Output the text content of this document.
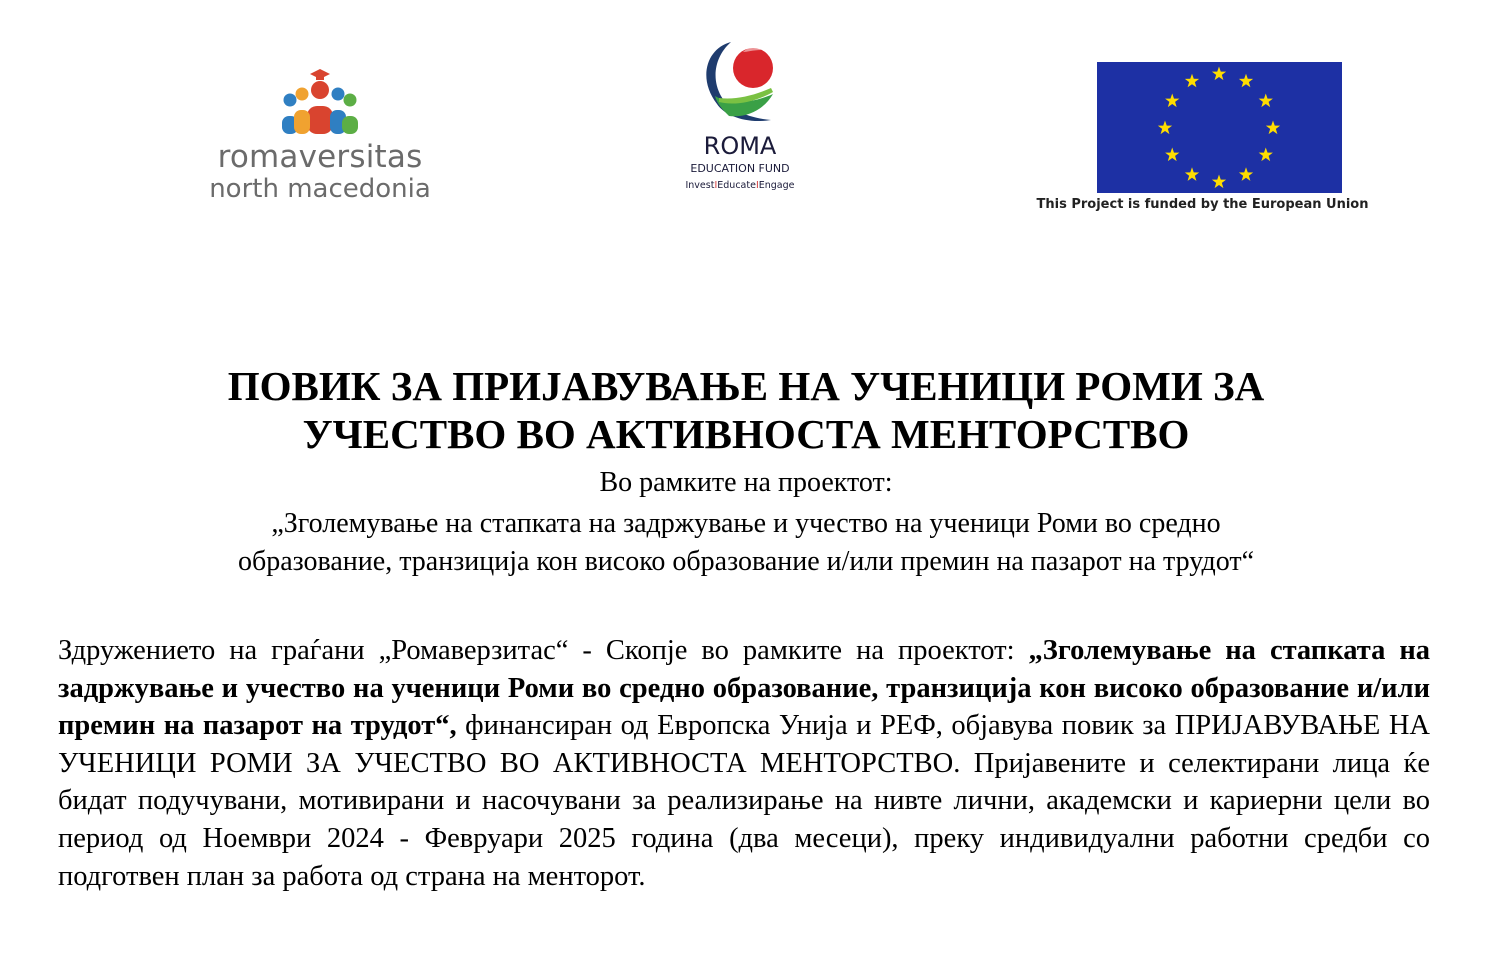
romaversitas
north macedonia
ROMA
EDUCATION FUND
InvestIEducateIEngage
This Project is funded by the European Union
ПОВИК ЗА ПРИЈАВУВАЊЕ НА УЧЕНИЦИ РОМИ ЗА
УЧЕСТВО ВО АКТИВНОСТА МЕНТОРСТВО
Во рамките на проектот:
„Зголемување на стапката на задржување и учество на ученици Роми во средно
образование, транзиција кон високо образование и/или премин на пазарот на трудот“

Здружението на граѓани „Ромаверзитас“ - Скопје во рамките на проектот: „Зголемување на стапката на задржување и учество на ученици Роми во средно образование, транзиција кон високо образование и/или премин на пазарот на трудот“, финансиран од Европска Унија и РЕФ, објавува повик за ПРИЈАВУВАЊЕ НА УЧЕНИЦИ РОМИ ЗА УЧЕСТВО ВО АКТИВНОСТА МЕНТОРСТВО. Пријавените и селектирани лица ќе бидат подучувани, мотивирани и насочувани за реализирање на нивте лични, академски и кариерни цели во период од Ноември 2024 - Февруари 2025 година (два месеци), преку индивидуални работни средби со подготвен план за работа од страна на менторот.
